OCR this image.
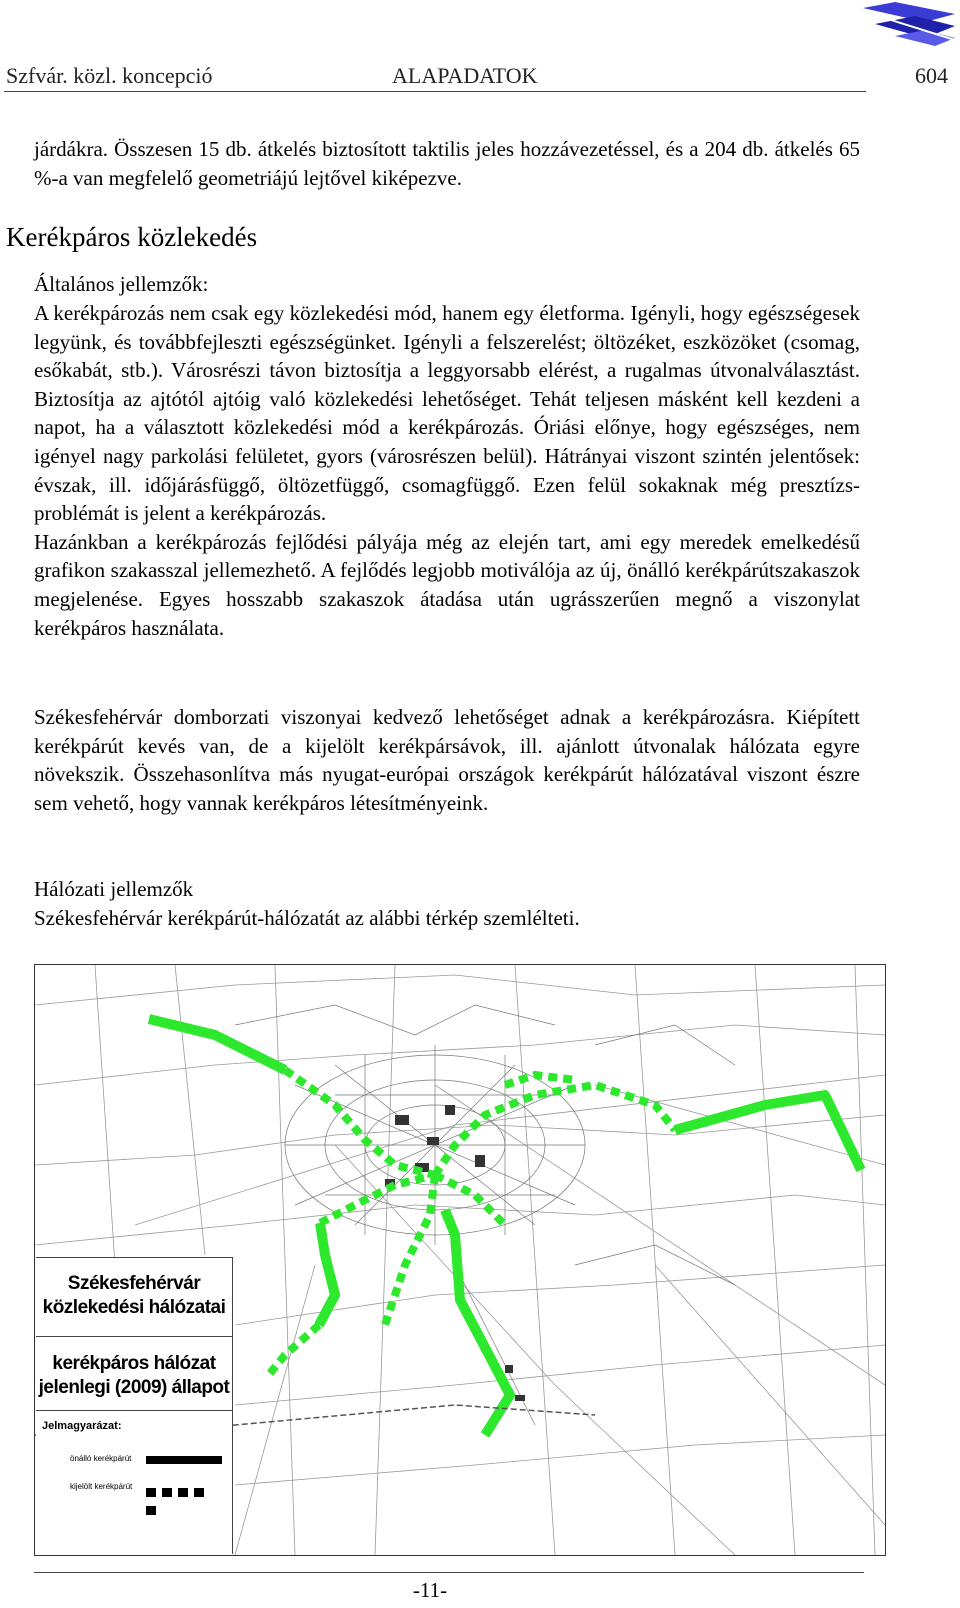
Szfvár. közl. koncepció	ALAPADATOK	604

járdákra. Összesen 15 db. átkelés biztosított taktilis jeles hozzávezetéssel, és a 204 db. átkelés 65 %-a van megfelelő geometriájú lejtővel kiképezve.

Kerékpáros közlekedés

Általános jellemzők:

A kerékpározás nem csak egy közlekedési mód, hanem egy életforma. Igényli, hogy egészségesek legyünk, és továbbfejleszti egészségünket. Igényli a felszerelést; öltözéket, eszközöket (csomag, esőkabát, stb.). Városrészi távon biztosítja a leggyorsabb elérést, a rugalmas útvonalválasztást. Biztosítja az ajtótól ajtóig való közlekedési lehetőséget. Tehát teljesen másként kell kezdeni a napot, ha a választott közlekedési mód a kerékpározás. Óriási előnye, hogy egészséges, nem igényel nagy parkolási felületet, gyors (városrészen belül). Hátrányai viszont szintén jelentősek: évszak, ill. időjárásfüggő, öltözetfüggő, csomagfüggő. Ezen felül sokaknak még presztízs-problémát is jelent a kerékpározás.

Hazánkban a kerékpározás fejlődési pályája még az elején tart, ami egy meredek emelkedésű grafikon szakasszal jellemezhető. A fejlődés legjobb motiválója az új, önálló kerékpárútszakaszok megjelenése. Egyes hosszabb szakaszok átadása után ugrásszerűen megnő a viszonylat kerékpáros használata.

Székesfehérvár domborzati viszonyai kedvező lehetőséget adnak a kerékpározásra. Kiépített kerékpárút kevés van, de a kijelölt kerékpársávok, ill. ajánlott útvonalak hálózata egyre növekszik. Összehasonlítva más nyugat-európai országok kerékpárút hálózatával viszont észre sem vehető, hogy vannak kerékpáros létesítményeink.

Hálózati jellemzők

Székesfehérvár kerékpárút-hálózatát az alábbi térkép szemlélteti.

Székesfehérvár közlekedési hálózatai
kerékpáros hálózat jelenlegi (2009) állapot
Jelmagyarázat:
önálló kerékpárút
kijelölt kerékpárút
-11-
